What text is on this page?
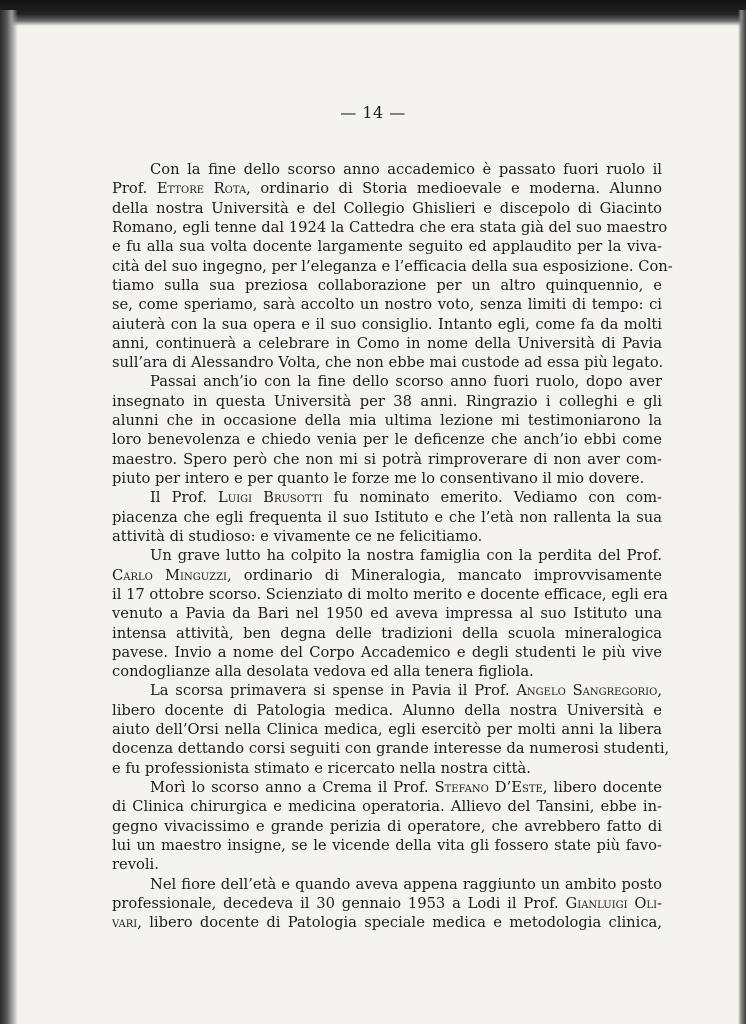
— 14 —
Con la fine dello scorso anno accademico è passato fuori ruolo il
Prof. Ettore Rota, ordinario di Storia medioevale e moderna. Alunno
della nostra Università e del Collegio Ghislieri e discepolo di Giacinto
Romano, egli tenne dal 1924 la Cattedra che era stata già del suo maestro
e fu alla sua volta docente largamente seguito ed applaudito per la viva-
cità del suo ingegno, per l’eleganza e l’efficacia della sua esposizione. Con-
tiamo sulla sua preziosa collaborazione per un altro quinquennio, e
se, come speriamo, sarà accolto un nostro voto, senza limiti di tempo: ci
aiuterà con la sua opera e il suo consiglio. Intanto egli, come fa da molti
anni, continuerà a celebrare in Como in nome della Università di Pavia
sull’ara di Alessandro Volta, che non ebbe mai custode ad essa più legato.
Passai anch’io con la fine dello scorso anno fuori ruolo, dopo aver
insegnato in questa Università per 38 anni. Ringrazio i colleghi e gli
alunni che in occasione della mia ultima lezione mi testimoniarono la
loro benevolenza e chiedo venia per le deficenze che anch’io ebbi come
maestro. Spero però che non mi si potrà rimproverare di non aver com-
piuto per intero e per quanto le forze me lo consentivano il mio dovere.
Il Prof. Luigi Brusotti fu nominato emerito. Vediamo con com-
piacenza che egli frequenta il suo Istituto e che l’età non rallenta la sua
attività di studioso: e vivamente ce ne felicitiamo.
Un grave lutto ha colpito la nostra famiglia con la perdita del Prof.
Carlo Minguzzi, ordinario di Mineralogia, mancato improvvisamente
il 17 ottobre scorso. Scienziato di molto merito e docente efficace, egli era
venuto a Pavia da Bari nel 1950 ed aveva impressa al suo Istituto una
intensa attività, ben degna delle tradizioni della scuola mineralogica
pavese. Invio a nome del Corpo Accademico e degli studenti le più vive
condoglianze alla desolata vedova ed alla tenera figliola.
La scorsa primavera si spense in Pavia il Prof. Angelo Sangregorio,
libero docente di Patologia medica. Alunno della nostra Università e
aiuto dell’Orsi nella Clinica medica, egli esercitò per molti anni la libera
docenza dettando corsi seguiti con grande interesse da numerosi studenti,
e fu professionista stimato e ricercato nella nostra città.
Morì lo scorso anno a Crema il Prof. Stefano D’Este, libero docente
di Clinica chirurgica e medicina operatoria. Allievo del Tansini, ebbe in-
gegno vivacissimo e grande perizia di operatore, che avrebbero fatto di
lui un maestro insigne, se le vicende della vita gli fossero state più favo-
revoli.
Nel fiore dell’età e quando aveva appena raggiunto un ambito posto
professionale, decedeva il 30 gennaio 1953 a Lodi il Prof. Gianluigi Oli-
vari, libero docente di Patologia speciale medica e metodologia clinica,
